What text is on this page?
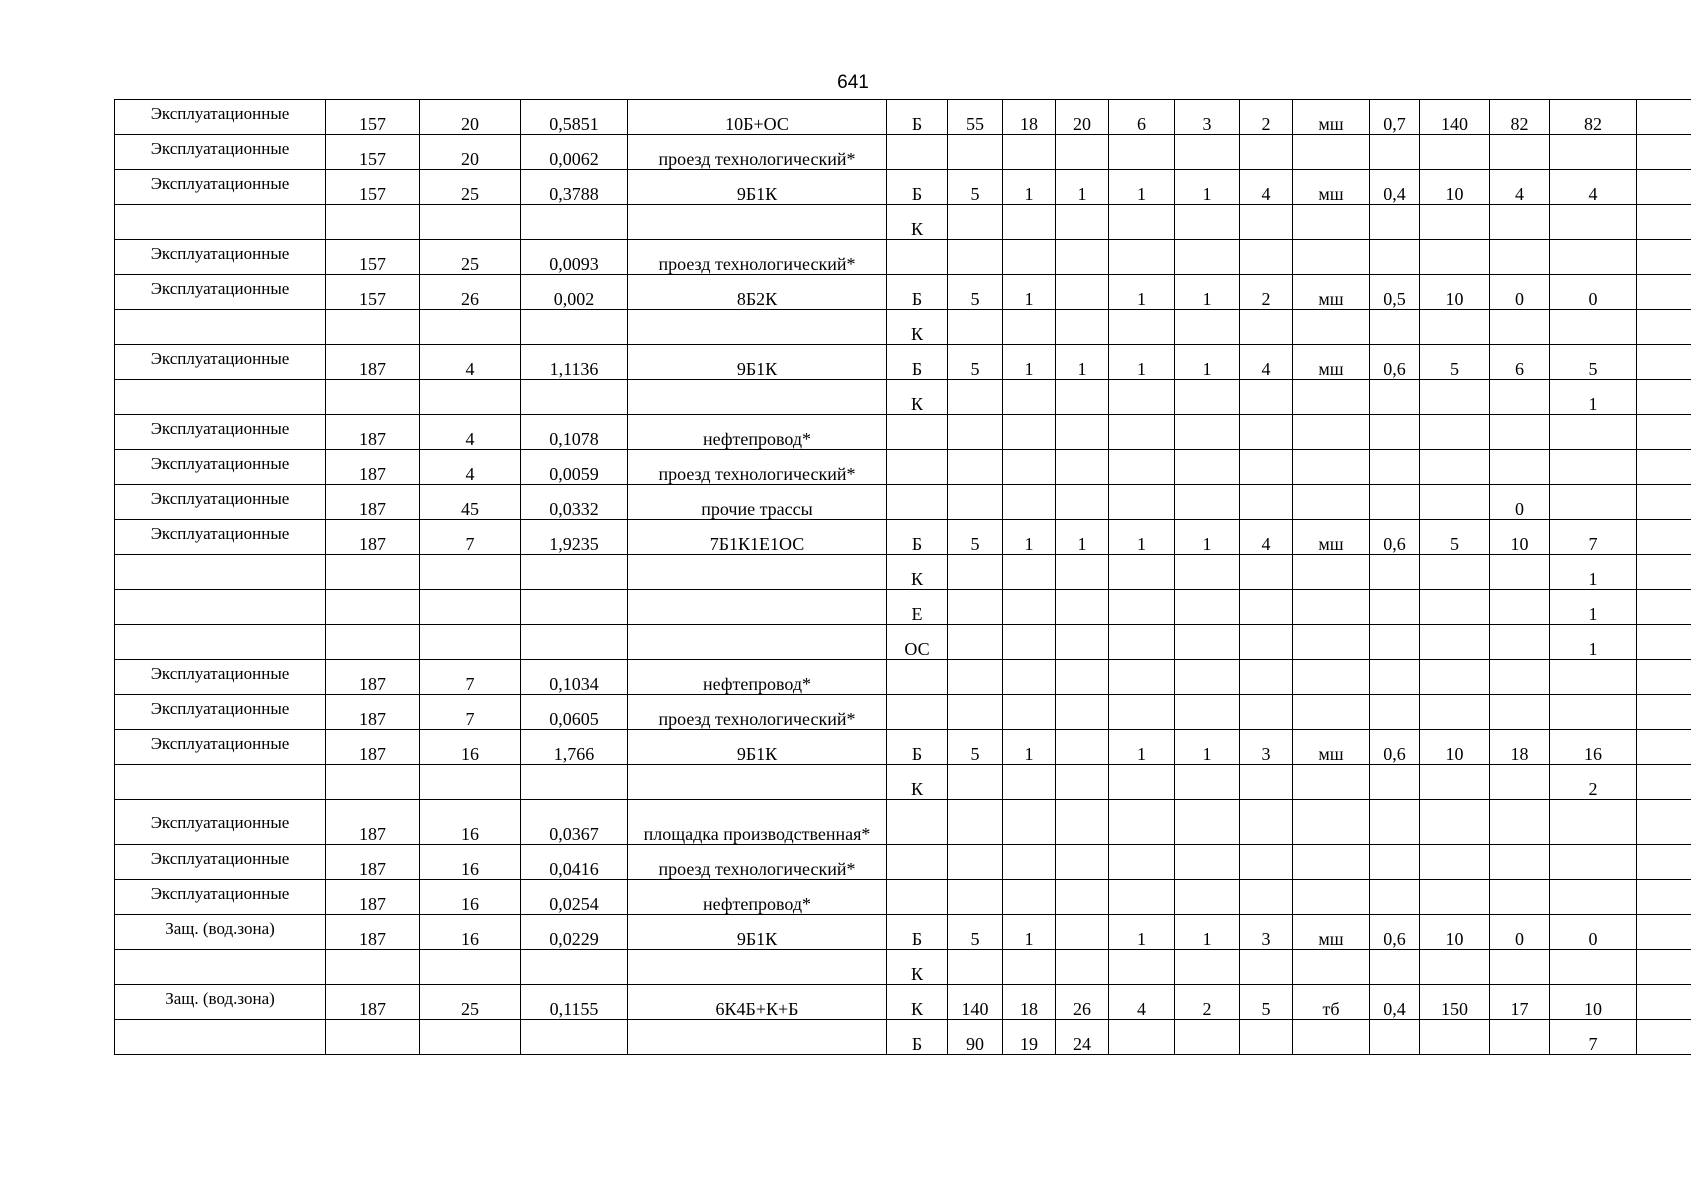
641
Эксплуатационные	157	20	0,5851	10Б+ОС	Б	55	18	20	6	3	2	мш	0,7	140	82	82	
Эксплуатационные	157	20	0,0062	проезд технологический*													
Эксплуатационные	157	25	0,3788	9Б1К	Б	5	1	1	1	1	4	мш	0,4	10	4	4	
					К												
Эксплуатационные	157	25	0,0093	проезд технологический*													
Эксплуатационные	157	26	0,002	8Б2К	Б	5	1		1	1	2	мш	0,5	10	0	0	
					К												
Эксплуатационные	187	4	1,1136	9Б1К	Б	5	1	1	1	1	4	мш	0,6	5	6	5	
					К											1	
Эксплуатационные	187	4	0,1078	нефтепровод*													
Эксплуатационные	187	4	0,0059	проезд технологический*													
Эксплуатационные	187	45	0,0332	прочие трассы											0		
Эксплуатационные	187	7	1,9235	7Б1К1Е1ОС	Б	5	1	1	1	1	4	мш	0,6	5	10	7	
					К											1	
					Е											1	
					ОС											1	
Эксплуатационные	187	7	0,1034	нефтепровод*													
Эксплуатационные	187	7	0,0605	проезд технологический*													
Эксплуатационные	187	16	1,766	9Б1К	Б	5	1		1	1	3	мш	0,6	10	18	16	
					К											2	
Эксплуатационные	187	16	0,0367	площадка производственная*													
Эксплуатационные	187	16	0,0416	проезд технологический*													
Эксплуатационные	187	16	0,0254	нефтепровод*													
Защ. (вод.зона)	187	16	0,0229	9Б1К	Б	5	1		1	1	3	мш	0,6	10	0	0	
					К												
Защ. (вод.зона)	187	25	0,1155	6К4Б+К+Б	К	140	18	26	4	2	5	тб	0,4	150	17	10	
					Б	90	19	24								7	
